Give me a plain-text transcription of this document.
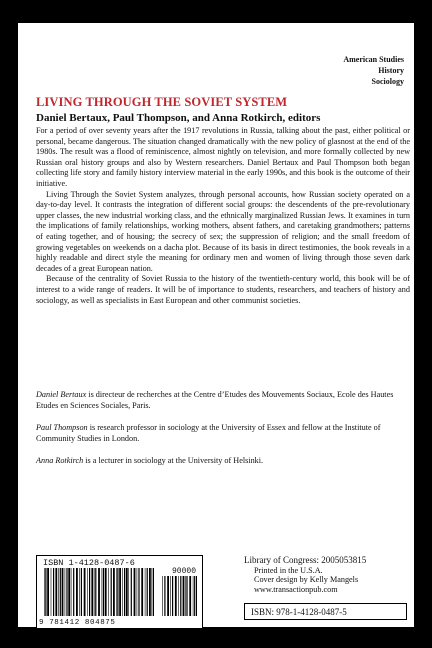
American Studies
History
Sociology
LIVING THROUGH THE SOVIET SYSTEM
Daniel Bertaux, Paul Thompson, and Anna Rotkirch, editors

For a period of over seventy years after the 1917 revolutions in Russia, talking about the past, either political or personal, became dangerous. The situation changed dramatically with the new policy of glasnost at the end of the 1980s. The result was a flood of reminiscence, almost nightly on television, and more formally collected by new Russian oral history groups and also by Western researchers. Daniel Bertaux and Paul Thompson both began collecting life story and family history interview material in the early 1990s, and this book is the outcome of their initiative.

Living Through the Soviet System analyzes, through personal accounts, how Russian society operated on a day-to-day level. It contrasts the integration of different social groups: the descendents of the pre-revolutionary upper classes, the new industrial working class, and the ethnically marginalized Russian Jews. It examines in turn the implications of family relationships, working mothers, absent fathers, and caretaking grandmothers; patterns of eating together, and of housing; the secrecy of sex; the suppression of religion; and the small freedom of growing vegetables on weekends on a dacha plot. Because of its basis in direct testimonies, the book reveals in a highly readable and direct style the meaning for ordinary men and women of living through those seven dark decades of a great European nation.

Because of the centrality of Soviet Russia to the history of the twentieth-century world, this book will be of interest to a wide range of readers. It will be of importance to students, researchers, and teachers of history and sociology, as well as specialists in East European and other communist societies.

Daniel Bertaux is directeur de recherches at the Centre d’Etudes des Mouvements Sociaux, Ecole des Hautes Etudes en Sciences Sociales, Paris.

Paul Thompson is research professor in sociology at the University of Essex and fellow at the Institute of Community Studies in London.

Anna Rotkirch is a lecturer in sociology at the University of Helsinki.

ISBN 1-4128-0487-6
90000
9 781412 804875
Library of Congress: 2005053815
Printed in the U.S.A.
Cover design by Kelly Mangels
www.transactionpub.com
ISBN: 978-1-4128-0487-5
